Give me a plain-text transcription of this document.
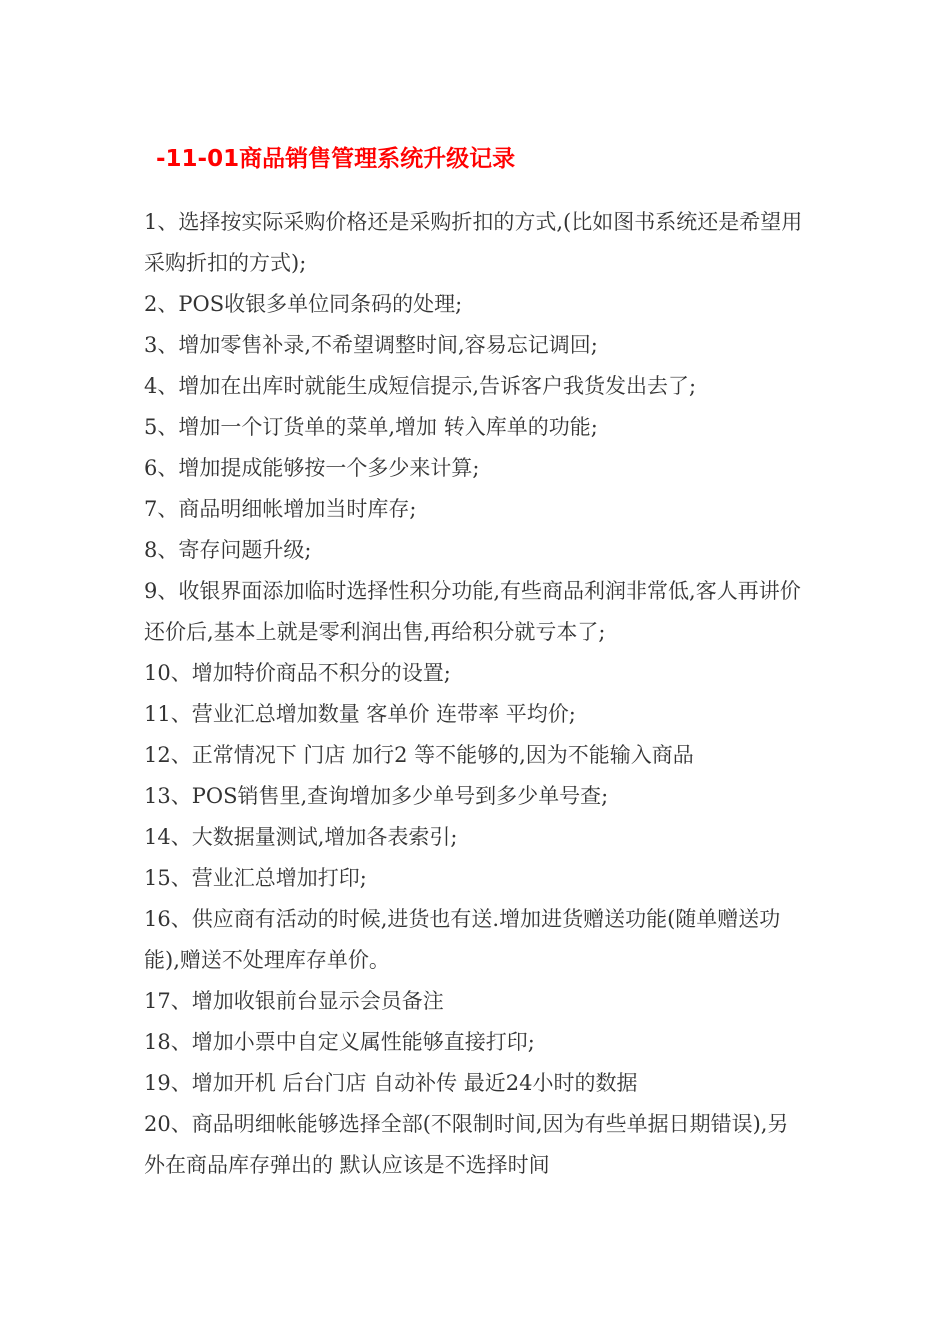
-11-01商品销售管理系统升级记录
1、选择按实际采购价格还是采购折扣的方式,(比如图书系统还是希望用采购折扣的方式);
2、POS收银多单位同条码的处理;
3、增加零售补录,不希望调整时间,容易忘记调回;
4、增加在出库时就能生成短信提示,告诉客户我货发出去了;
5、增加一个订货单的菜单,增加 转入库单的功能;
6、增加提成能够按一个多少来计算;
7、商品明细帐增加当时库存;
8、寄存问题升级;
9、收银界面添加临时选择性积分功能,有些商品利润非常低,客人再讲价还价后,基本上就是零利润出售,再给积分就亏本了;
10、增加特价商品不积分的设置;
11、营业汇总增加数量 客单价 连带率 平均价;
12、正常情况下 门店 加行2 等不能够的,因为不能输入商品
13、POS销售里,查询增加多少单号到多少单号查;
14、大数据量测试,增加各表索引;
15、营业汇总增加打印;
16、供应商有活动的时候,进货也有送.增加进货赠送功能(随单赠送功能),赠送不处理库存单价。
17、增加收银前台显示会员备注
18、增加小票中自定义属性能够直接打印;
19、增加开机 后台门店 自动补传 最近24小时的数据
20、商品明细帐能够选择全部(不限制时间,因为有些单据日期错误),另外在商品库存弹出的 默认应该是不选择时间
